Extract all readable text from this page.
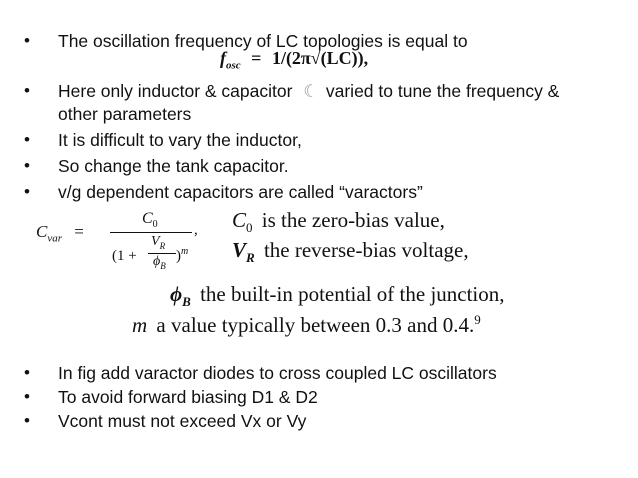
•	The oscillation frequency of LC topologies is equal to
$f_{osc} = 1/(2\pi√(LC))$,
•	Here only inductor & capacitor ☾ varied to tune the frequency &
other parameters
•	It is difficult to vary the inductor,
•	So change the tank capacitor.
•	v/g dependent capacitors are called “varactors”
$C_{var}$ =
$C_0$ ,
(1 +
$V_R$
$\phi_B$
)$^m$
$C_0$ is the zero-bias value,
$V_R$ the reverse-bias voltage,
$\phi_B$ the built-in potential of the junction,
m a value typically between 0.3 and 0.4.$^9$
•	In fig add varactor diodes to cross coupled LC oscillators
•	To avoid forward biasing D1 & D2
•	Vcont must not exceed Vx or Vy
